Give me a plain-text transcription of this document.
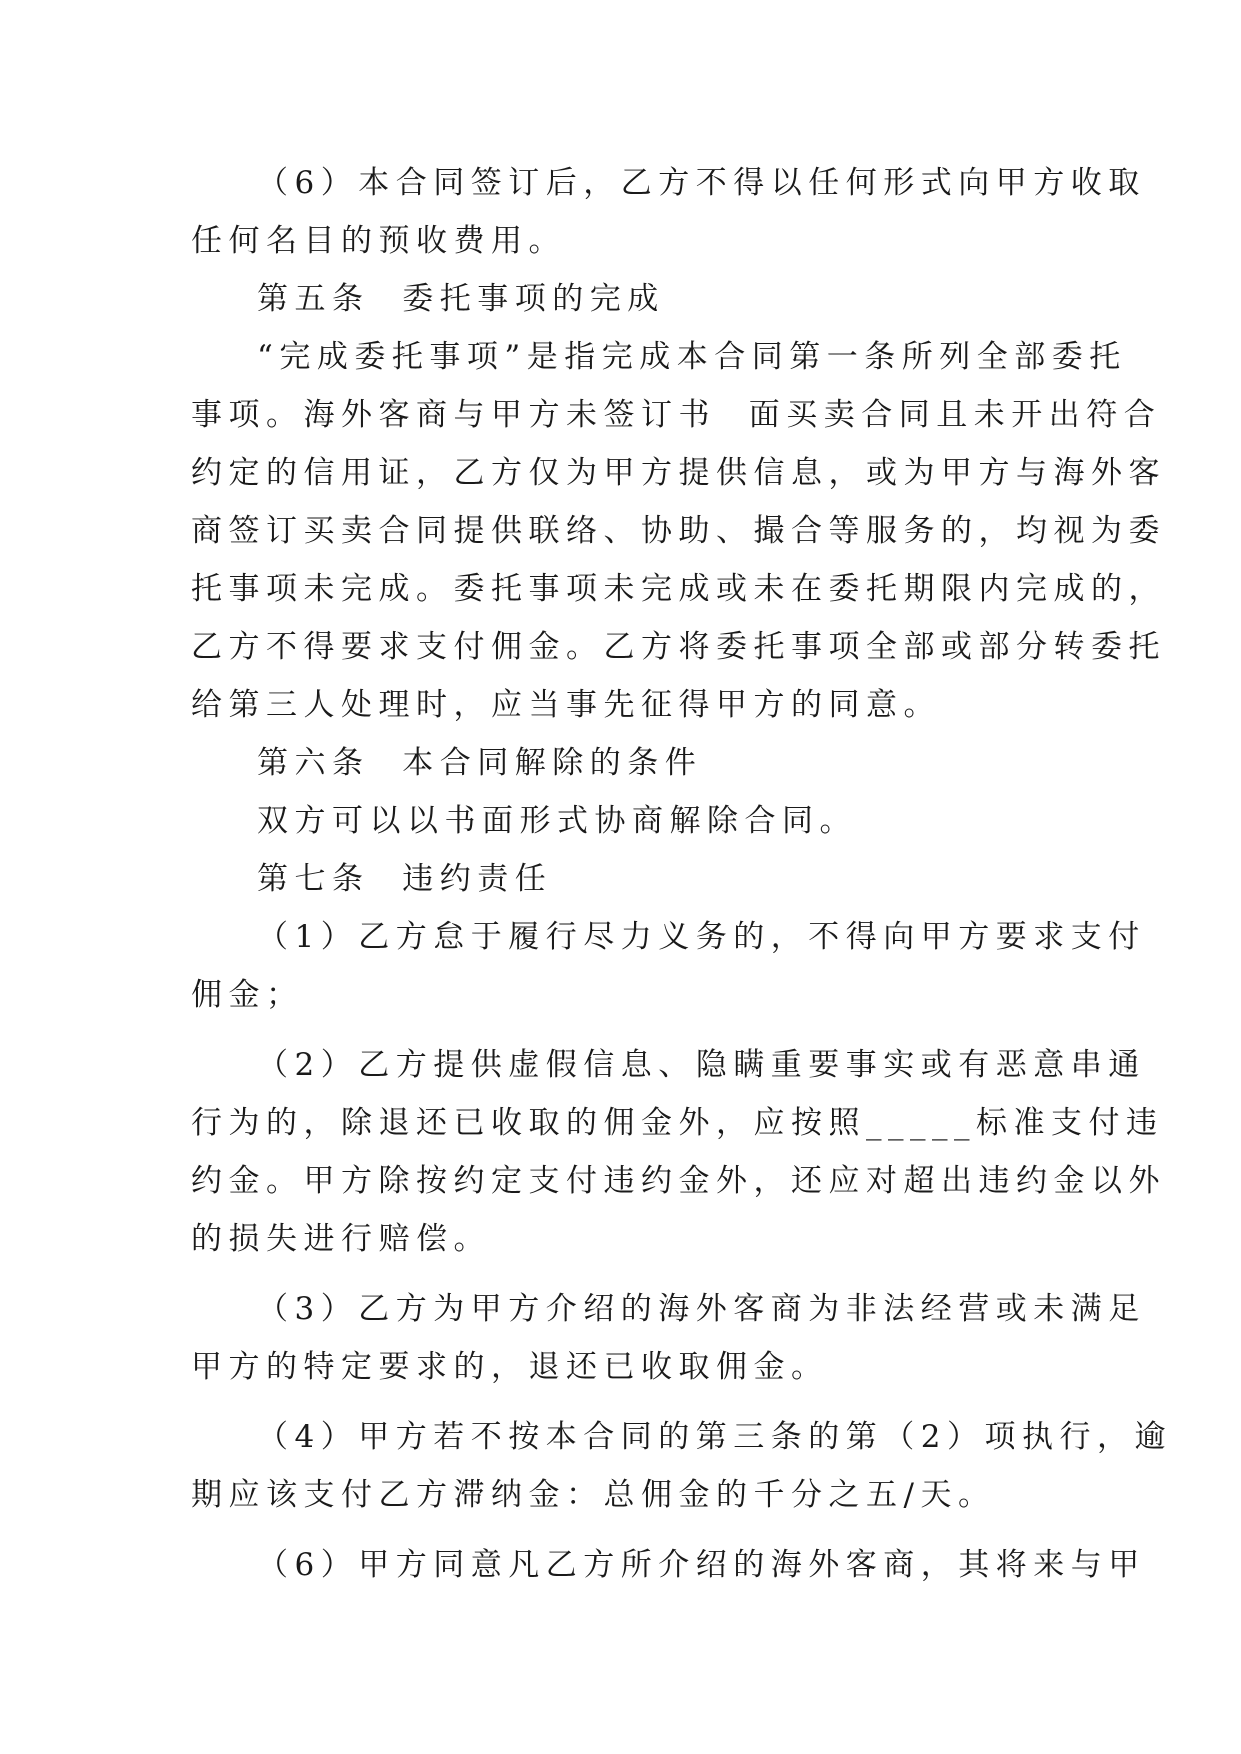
（6）本合同签订后，乙方不得以任何形式向甲方收取
任何名目的预收费用。
第五条  委托事项的完成
“完成委托事项”是指完成本合同第一条所列全部委托
事项。海外客商与甲方未签订书  面买卖合同且未开出符合
约定的信用证，乙方仅为甲方提供信息，或为甲方与海外客
商签订买卖合同提供联络、协助、撮合等服务的，均视为委
托事项未完成。委托事项未完成或未在委托期限内完成的，
乙方不得要求支付佣金。乙方将委托事项全部或部分转委托
给第三人处理时，应当事先征得甲方的同意。
第六条  本合同解除的条件
双方可以以书面形式协商解除合同。
第七条  违约责任
（1）乙方怠于履行尽力义务的，不得向甲方要求支付
佣金；
（2）乙方提供虚假信息、隐瞒重要事实或有恶意串通
行为的，除退还已收取的佣金外，应按照_____标准支付违
约金。甲方除按约定支付违约金外，还应对超出违约金以外
的损失进行赔偿。
（3）乙方为甲方介绍的海外客商为非法经营或未满足
甲方的特定要求的，退还已收取佣金。
（4）甲方若不按本合同的第三条的第（2）项执行，逾
期应该支付乙方滞纳金：总佣金的千分之五/天。
（6）甲方同意凡乙方所介绍的海外客商，其将来与甲
